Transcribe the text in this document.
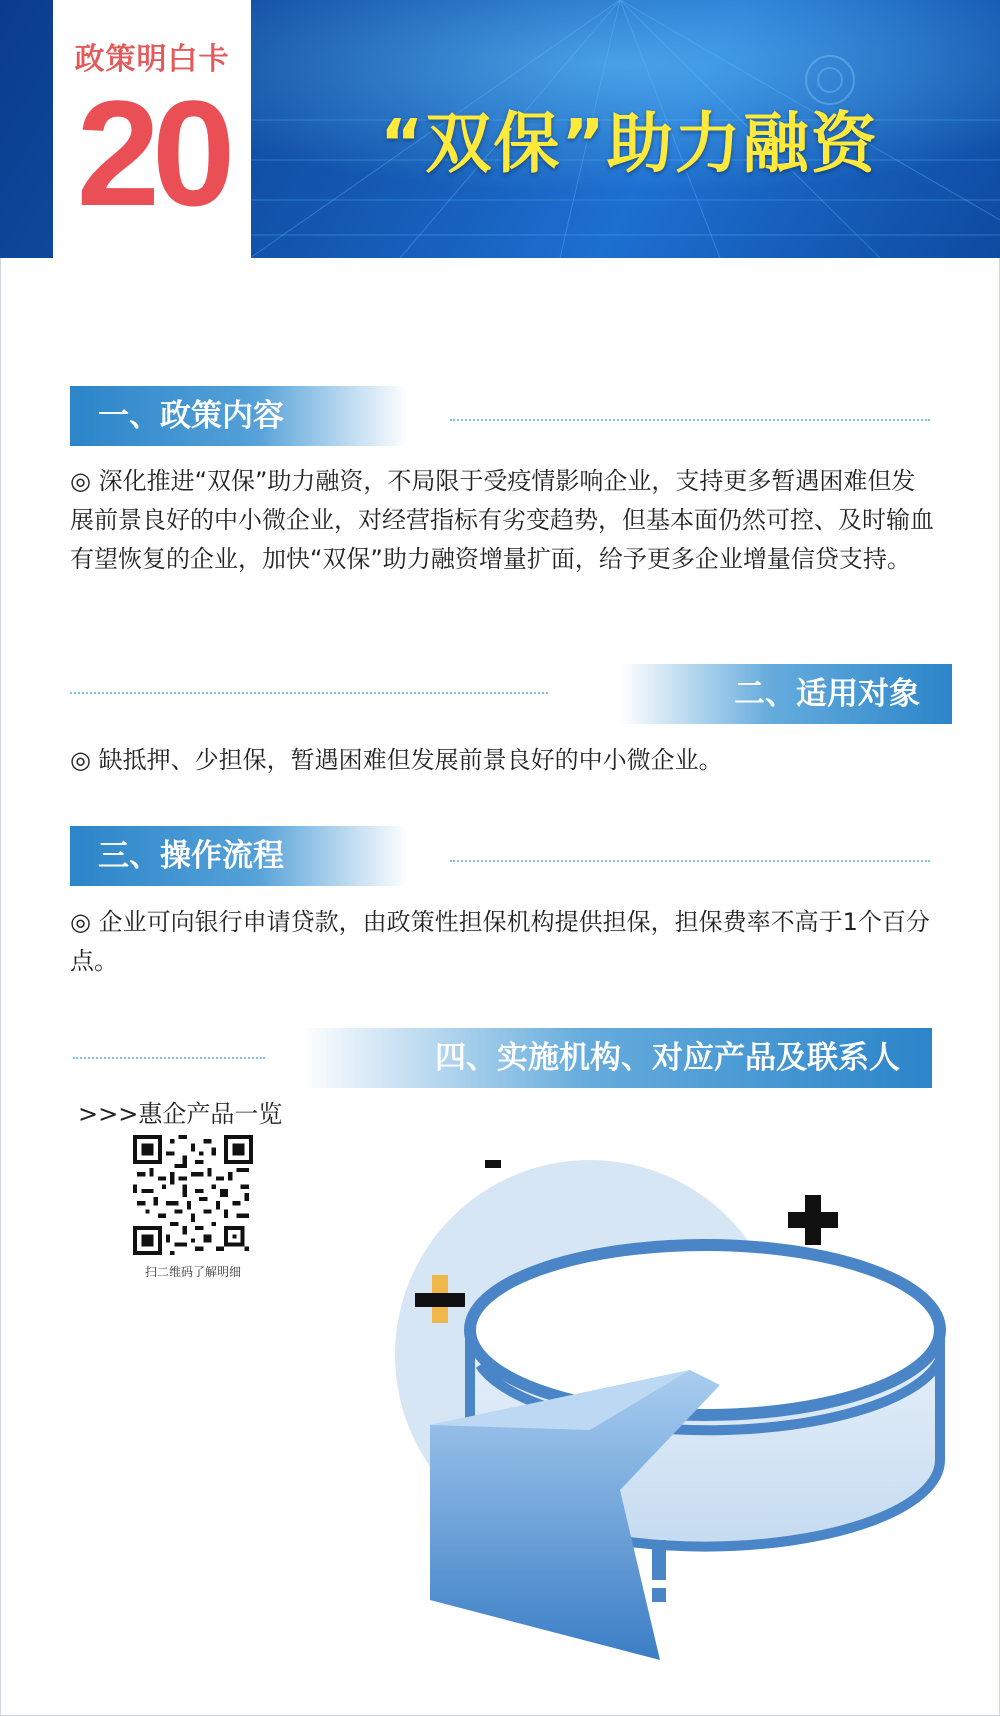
政策明白卡
20	“双保”助力融资
一、政策内容
◎ 深化推进“双保”助力融资，不局限于受疫情影响企业，支持更多暂遇困难但发展前景良好的中小微企业，对经营指标有劣变趋势，但基本面仍然可控、及时输血有望恢复的企业，加快“双保”助力融资增量扩面，给予更多企业增量信贷支持。
二、适用对象
◎ 缺抵押、少担保，暂遇困难但发展前景良好的中小微企业。
三、操作流程
◎ 企业可向银行申请贷款，由政策性担保机构提供担保，担保费率不高于1个百分点。
四、实施机构、对应产品及联系人
>>>惠企产品一览
扫二维码了解明细
